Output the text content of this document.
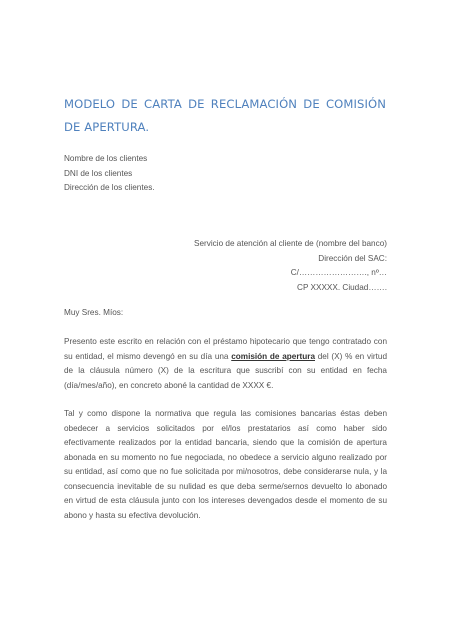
MODELO DE CARTA DE RECLAMACIÓN DE COMISIÓN DE APERTURA.
Nombre de los clientes
DNI de los clientes
Dirección de los clientes.
Servicio de atención al cliente de (nombre del banco)
Dirección del SAC:
C/……………………., nº…
CP XXXXX. Ciudad…….
Muy Sres. Míos:

Presento este escrito en relación con el préstamo hipotecario que tengo contratado con su entidad, el mismo devengó en su día una comisión de apertura del (X) % en virtud de la cláusula número (X) de la escritura que suscribí con su entidad en fecha (día/mes/año), en concreto aboné la cantidad de XXXX €.

Tal y como dispone la normativa que regula las comisiones bancarias éstas deben obedecer a servicios solicitados por el/los prestatarios así como haber sido efectivamente realizados por la entidad bancaria, siendo que la comisión de apertura abonada en su momento no fue negociada, no obedece a servicio alguno realizado por su entidad, así como que no fue solicitada por mi/nosotros, debe considerarse nula, y la consecuencia inevitable de su nulidad es que deba serme/sernos devuelto lo abonado en virtud de esta cláusula junto con los intereses devengados desde el momento de su abono y hasta su efectiva devolución.
